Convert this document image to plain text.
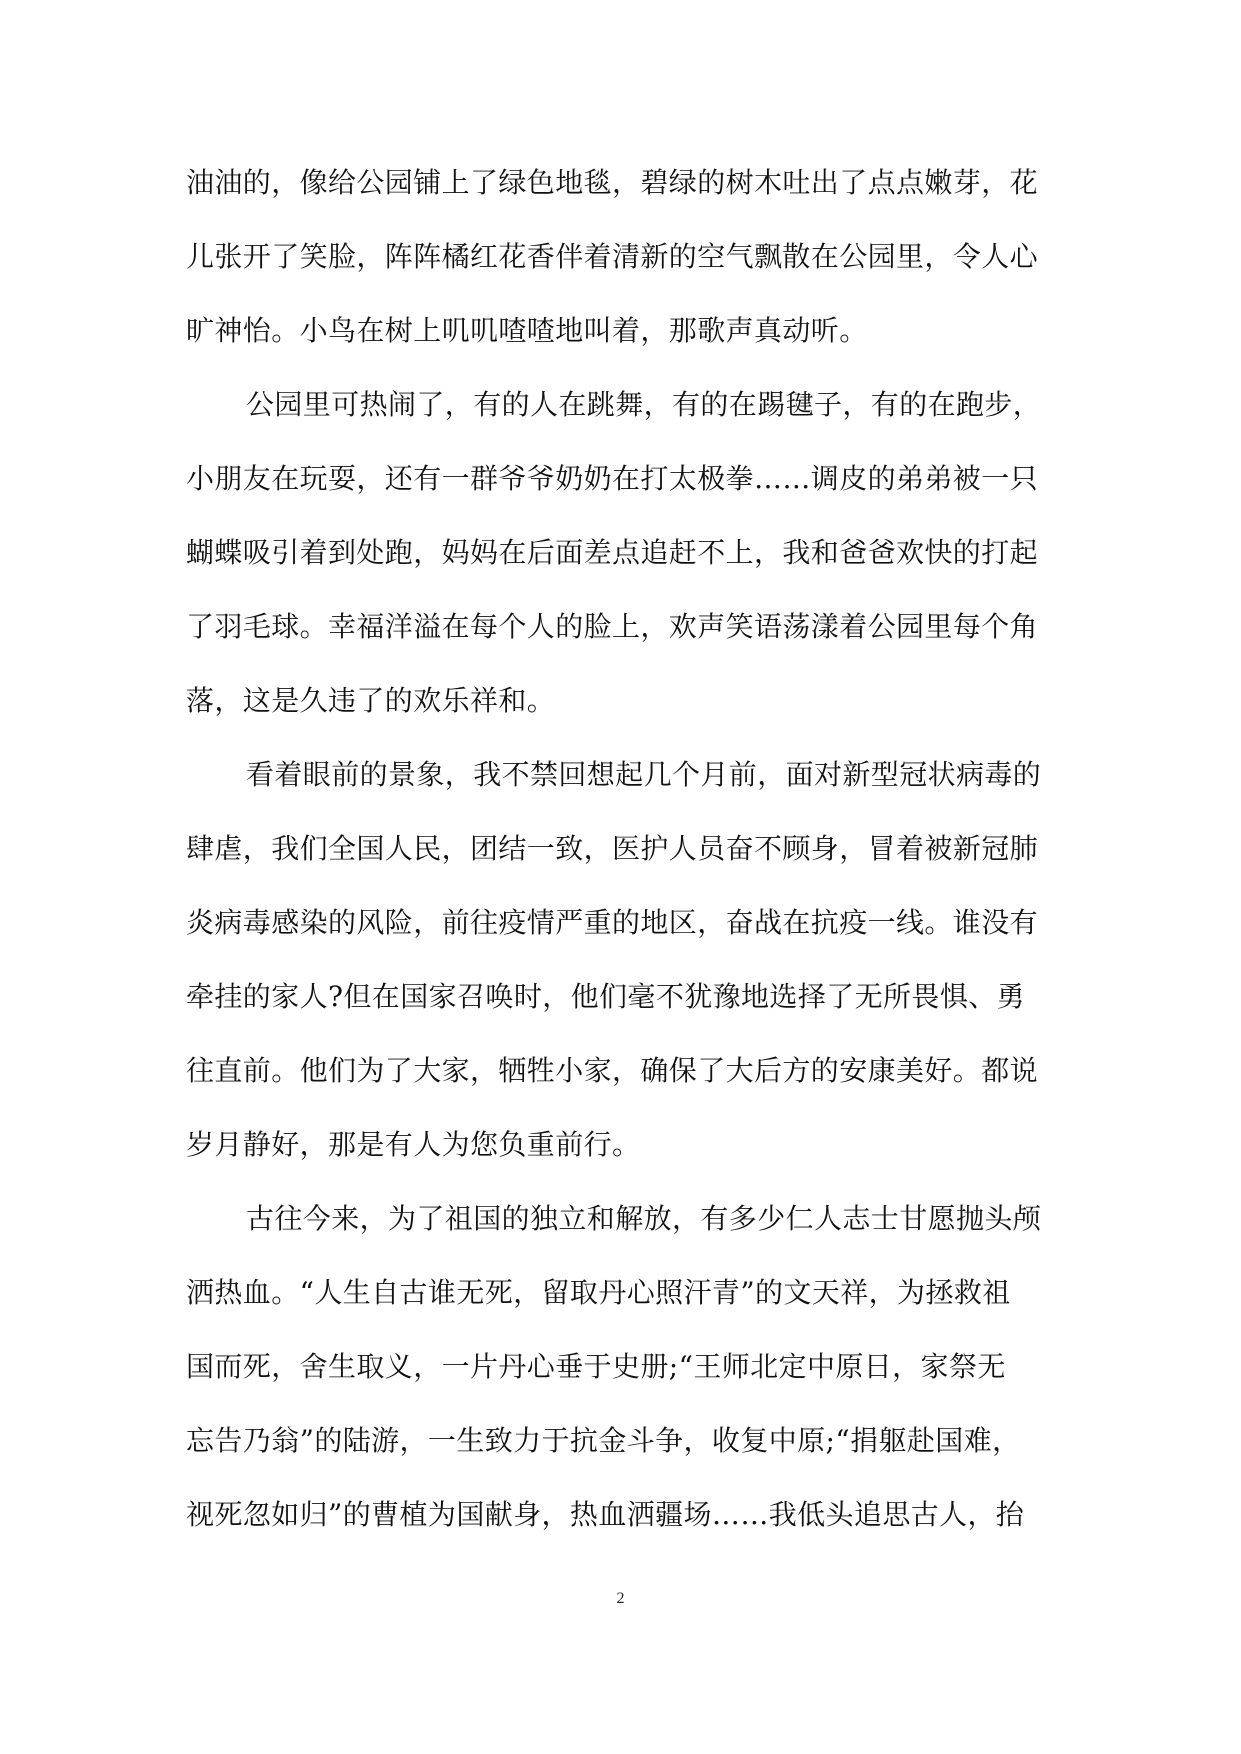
油油的，像给公园铺上了绿色地毯，碧绿的树木吐出了点点嫩芽，花
儿张开了笑脸，阵阵橘红花香伴着清新的空气飘散在公园里，令人心
旷神怡。小鸟在树上叽叽喳喳地叫着，那歌声真动听。
公园里可热闹了，有的人在跳舞，有的在踢毽子，有的在跑步，
小朋友在玩耍，还有一群爷爷奶奶在打太极拳……调皮的弟弟被一只
蝴蝶吸引着到处跑，妈妈在后面差点追赶不上，我和爸爸欢快的打起
了羽毛球。幸福洋溢在每个人的脸上，欢声笑语荡漾着公园里每个角
落，这是久违了的欢乐祥和。
看着眼前的景象，我不禁回想起几个月前，面对新型冠状病毒的
肆虐，我们全国人民，团结一致，医护人员奋不顾身，冒着被新冠肺
炎病毒感染的风险，前往疫情严重的地区，奋战在抗疫一线。谁没有
牵挂的家人?但在国家召唤时，他们毫不犹豫地选择了无所畏惧、勇
往直前。他们为了大家，牺牲小家，确保了大后方的安康美好。都说
岁月静好，那是有人为您负重前行。
古往今来，为了祖国的独立和解放，有多少仁人志士甘愿抛头颅
洒热血。“人生自古谁无死，留取丹心照汗青”的文天祥，为拯救祖
国而死，舍生取义，一片丹心垂于史册;“王师北定中原日，家祭无
忘告乃翁”的陆游，一生致力于抗金斗争，收复中原;“捐躯赴国难，
视死忽如归”的曹植为国献身，热血洒疆场……我低头追思古人，抬
2
